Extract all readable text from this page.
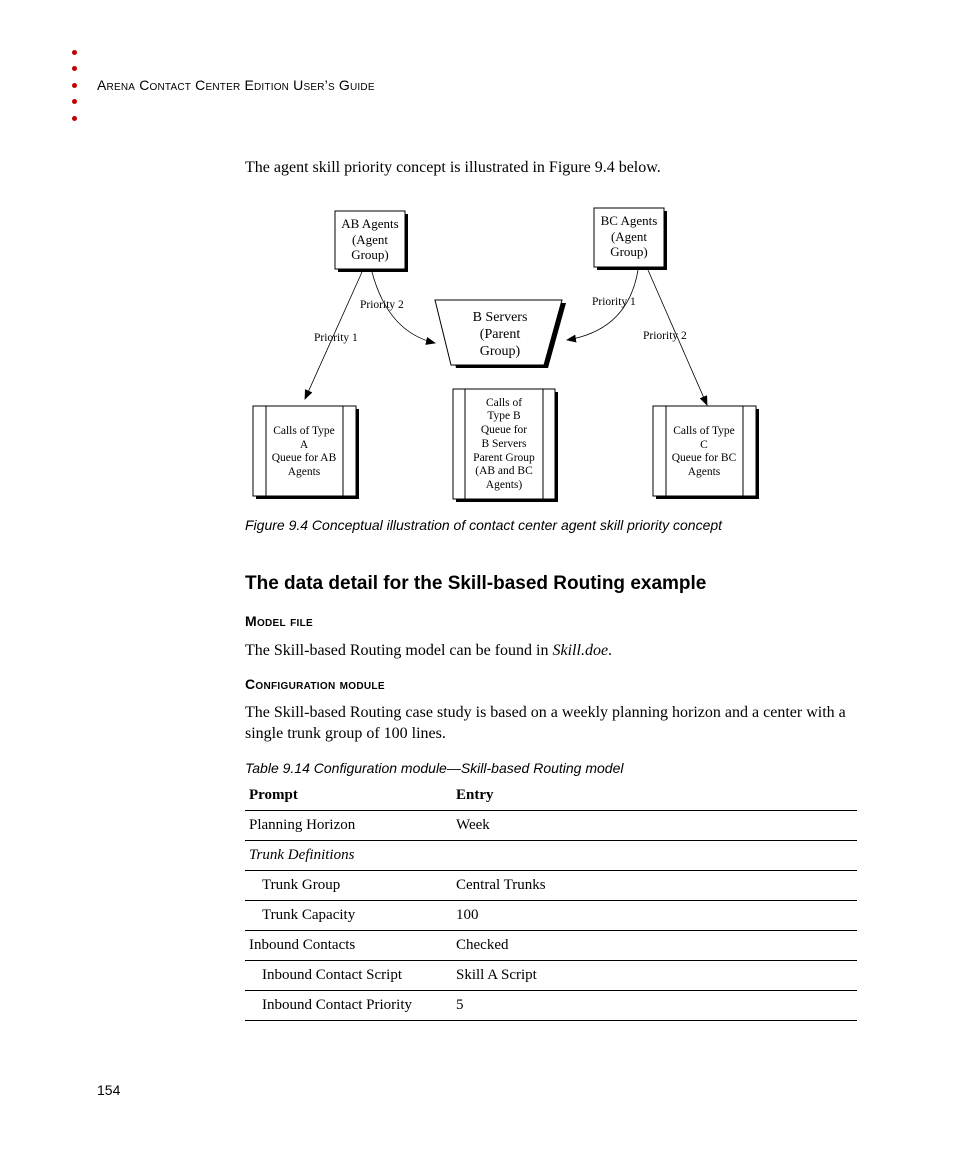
Arena Contact Center Edition User’s Guide
The agent skill priority concept is illustrated in Figure 9.4 below.
AB Agents
(Agent
Group)
BC Agents
(Agent
Group)
B Servers
(Parent
Group)
Calls of Type
A
Queue for AB
Agents
Calls of
Type B
Queue for
B Servers
Parent Group
(AB and BC
Agents)
Calls of Type
C
Queue for BC
Agents
Priority 1
Priority 2	Priority 1
Priority 2
Figure 9.4 Conceptual illustration of contact center agent skill priority concept
The data detail for the Skill-based Routing example
Model file
The Skill-based Routing model can be found in Skill.doe.
Configuration module
The Skill-based Routing case study is based on a weekly planning horizon and a center with a single trunk group of 100 lines.
Table 9.14 Configuration module—Skill-based Routing model
Prompt	Entry
Planning Horizon	Week
Trunk Definitions	
Trunk Group	Central Trunks
Trunk Capacity	100
Inbound Contacts	Checked
Inbound Contact Script	Skill A Script
Inbound Contact Priority	5
154
